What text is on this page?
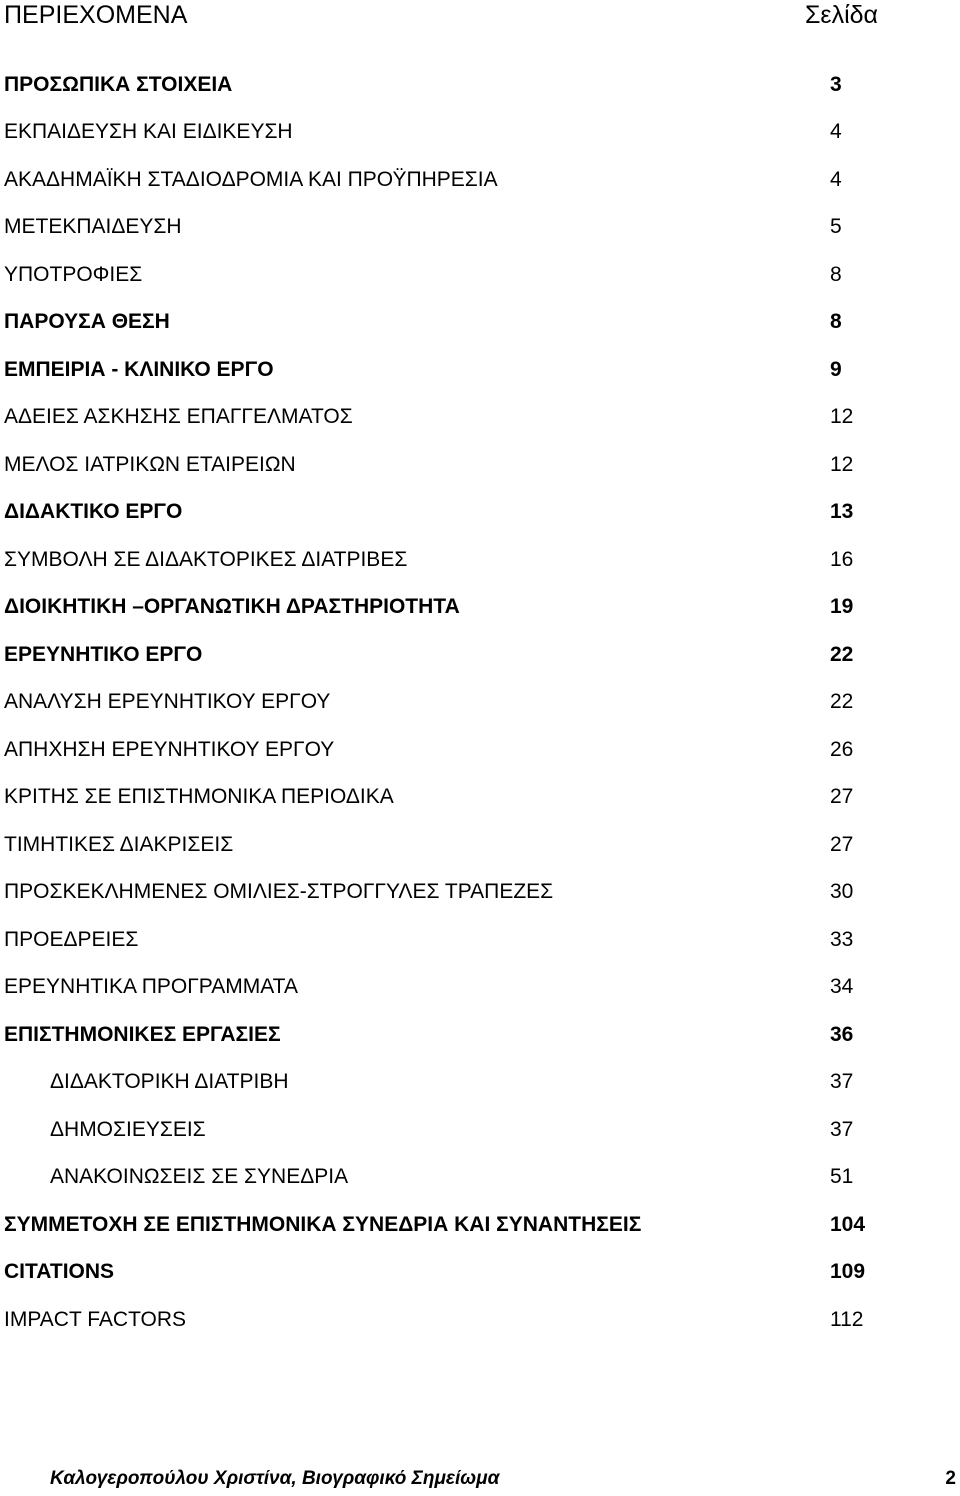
ΠΕΡΙΕΧΟΜΕΝΑ	Σελίδα
ΠΡΟΣΩΠΙΚΑ ΣΤΟΙΧΕΙΑ	3
ΕΚΠΑΙΔΕΥΣΗ ΚΑΙ ΕΙΔΙΚΕΥΣΗ	4
ΑΚΑΔΗΜΑΪΚΗ ΣΤΑΔΙΟΔΡΟΜΙΑ ΚΑΙ ΠΡΟΫΠΗΡΕΣΙΑ	4
ΜΕΤΕΚΠΑΙΔΕΥΣΗ	5
ΥΠΟΤΡΟΦΙΕΣ	8
ΠΑΡΟΥΣΑ ΘΕΣΗ	8
ΕΜΠΕΙΡΙΑ - ΚΛΙΝΙΚΟ ΕΡΓΟ	9
ΑΔΕΙΕΣ ΑΣΚΗΣΗΣ ΕΠΑΓΓΕΛΜΑΤΟΣ	12
ΜΕΛΟΣ ΙΑΤΡΙΚΩΝ ΕΤΑΙΡΕΙΩΝ	12
ΔΙΔΑΚΤΙΚΟ ΕΡΓΟ	13
ΣΥΜΒΟΛΗ ΣΕ ΔΙΔΑΚΤΟΡΙΚΕΣ ΔΙΑΤΡΙΒΕΣ	16
ΔΙΟΙΚΗΤΙΚΗ –ΟΡΓΑΝΩΤΙΚΗ ΔΡΑΣΤΗΡΙΟΤΗΤΑ	19
ΕΡΕΥΝΗΤΙΚΟ ΕΡΓΟ	22
ΑΝΑΛΥΣΗ ΕΡΕΥΝΗΤΙΚΟΥ ΕΡΓΟΥ	22
ΑΠΗΧΗΣΗ ΕΡΕΥΝΗΤΙΚΟΥ ΕΡΓΟΥ	26
ΚΡΙΤΗΣ ΣΕ ΕΠΙΣΤΗΜΟΝΙΚΑ ΠΕΡΙΟΔΙΚΑ	27
ΤΙΜΗΤΙΚΕΣ ΔΙΑΚΡΙΣΕΙΣ	27
ΠΡΟΣΚΕΚΛΗΜΕΝΕΣ ΟΜΙΛΙΕΣ-ΣΤΡΟΓΓΥΛΕΣ ΤΡΑΠΕΖΕΣ	30
ΠΡΟΕΔΡΕΙΕΣ	33
ΕΡΕΥΝΗΤΙΚΑ ΠΡΟΓΡΑΜΜΑΤΑ	34
ΕΠΙΣΤΗΜΟΝΙΚΕΣ ΕΡΓΑΣΙΕΣ	36
ΔΙΔΑΚΤΟΡΙΚΗ ΔΙΑΤΡΙΒΗ	37
ΔΗΜΟΣΙΕΥΣΕΙΣ	37
ΑΝΑΚΟΙΝΩΣΕΙΣ ΣΕ ΣΥΝΕΔΡΙΑ	51
ΣΥΜΜΕΤΟΧΗ ΣΕ ΕΠΙΣΤΗΜΟΝΙΚΑ ΣΥΝΕΔΡΙΑ ΚΑΙ ΣΥΝΑΝΤΗΣΕΙΣ	104
CITATIONS	109
IMPACT FACTORS	112
Καλογεροπούλου Χριστίνα, Βιογραφικό Σημείωμα	2
